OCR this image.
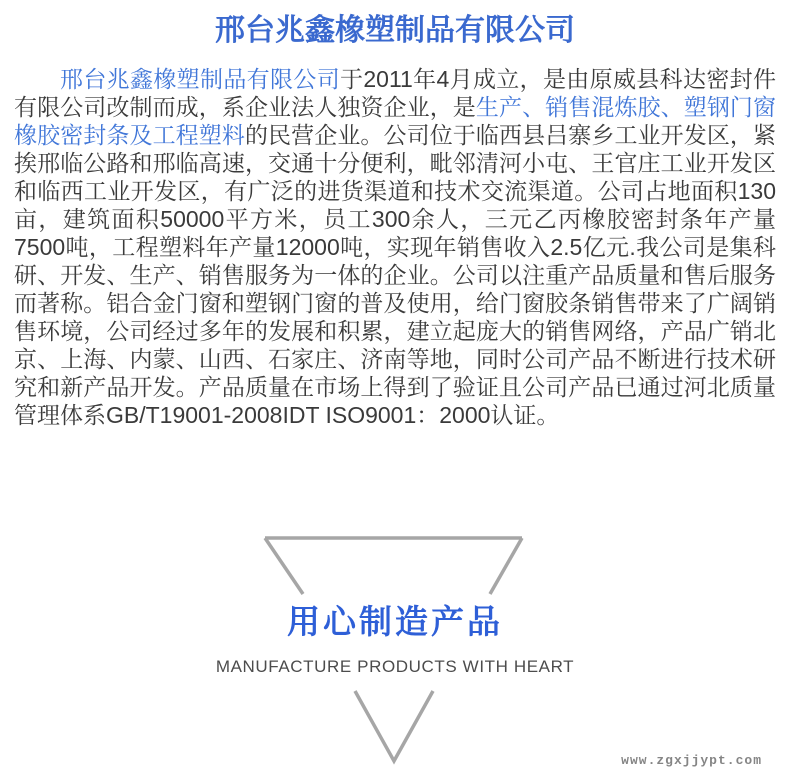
邢台兆鑫橡塑制品有限公司

邢台兆鑫橡塑制品有限公司于2011年4月成立，是由原威县科达密封件有限公司改制而成，系企业法人独资企业，是生产、销售混炼胶、塑钢门窗橡胶密封条及工程塑料的民营企业。公司位于临西县吕寨乡工业开发区，紧挨邢临公路和邢临高速，交通十分便利，毗邻清河小屯、王官庄工业开发区和临西工业开发区，有广泛的进货渠道和技术交流渠道。公司占地面积130亩，建筑面积50000平方米，员工300余人，三元乙丙橡胶密封条年产量7500吨，工程塑料年产量12000吨，实现年销售收入2.5亿元.我公司是集科研、开发、生产、销售服务为一体的企业。公司以注重产品质量和售后服务而著称。铝合金门窗和塑钢门窗的普及使用，给门窗胶条销售带来了广阔销售环境，公司经过多年的发展和积累，建立起庞大的销售网络，产品广销北京、上海、内蒙、山西、石家庄、济南等地，同时公司产品不断进行技术研究和新产品开发。产品质量在市场上得到了验证且公司产品已通过河北质量管理体系GB/T19001-2008IDT ISO9001：2000认证。

用心制造产品
MANUFACTURE PRODUCTS WITH HEART
www.zgxjjypt.com
